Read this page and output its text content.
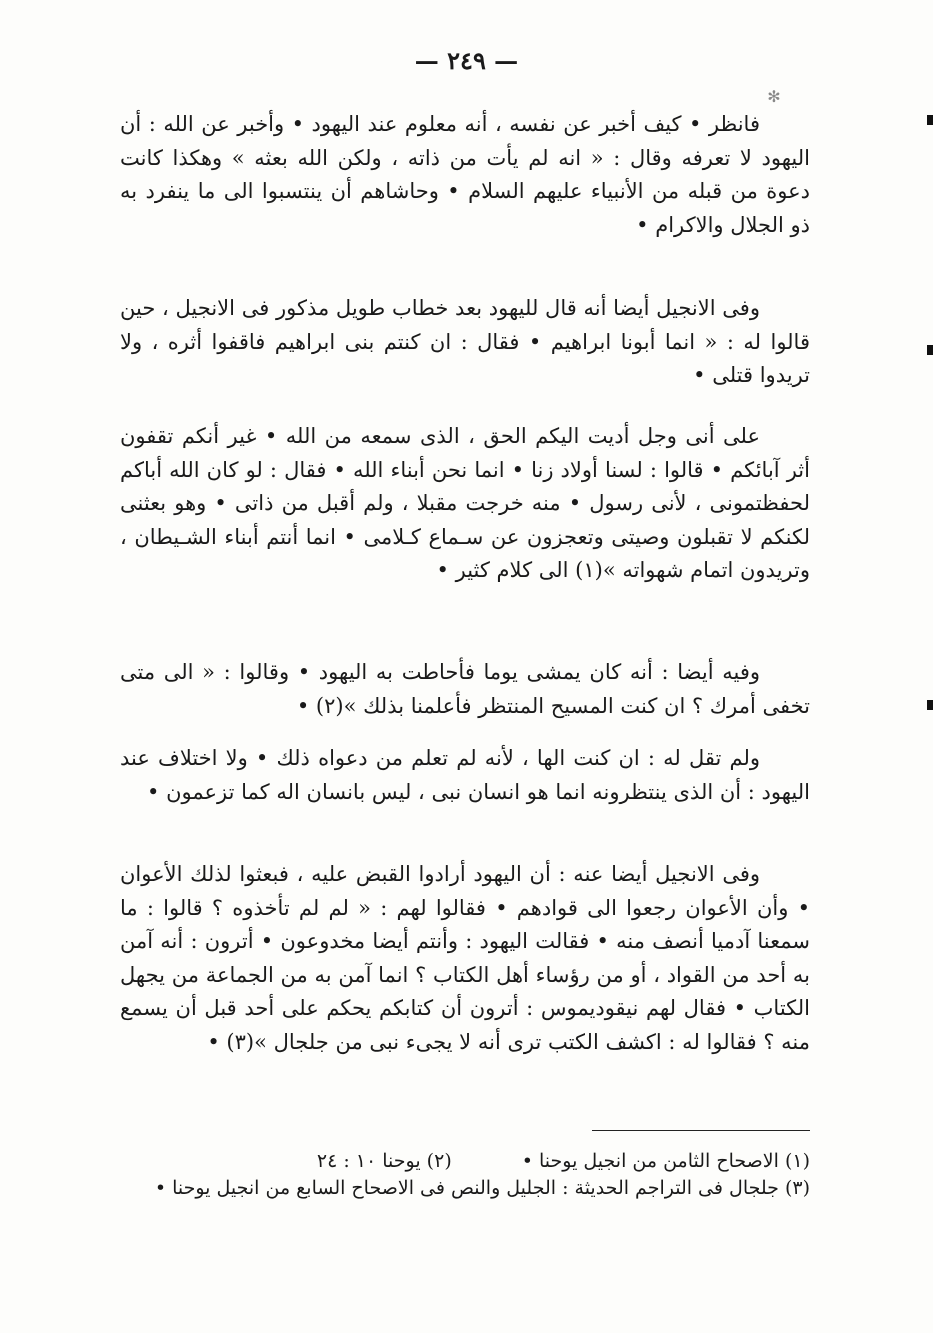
— ٢٤٩ —
✻

فانظر • كيف أخبر عن نفسه ، أنه معلوم عند اليهود • وأخبر عن الله : أن اليهود لا تعرفه وقال : « انه لم يأت من ذاته ، ولكن الله بعثه » وهكذا كانت دعوة من قبله من الأنبياء عليهم السلام • وحاشاهم أن ينتسبوا الى ما ينفرد به ذو الجلال والاكرام •

وفى الانجيل أيضا أنه قال لليهود بعد خطاب طويل مذكور فى الانجيل ، حين قالوا له : « انما أبونا ابراهيم • فقال : ان كنتم بنى ابراهيم فاقفوا أثره ، ولا تريدوا قتلى •

على أنى وجل أديت اليكم الحق ، الذى سمعه من الله • غير أنكم تقفون أثر آبائكم • قالوا : لسنا أولاد زنا • انما نحن أبناء الله • فقال : لو كان الله أباكم لحفظتمونى ، لأنى رسول • منه خرجت مقبلا ، ولم أقبل من ذاتى • وهو بعثنى لكنكم لا تقبلون وصيتى وتعجزون عن سـماع كـلامى • انما أنتم أبناء الشـيطان ، وتريدون اتمام شهواته »(١) الى كلام كثير •

وفيه أيضا : أنه كان يمشى يوما فأحاطت به اليهود • وقالوا : « الى متى تخفى أمرك ؟ ان كنت المسيح المنتظر فأعلمنا بذلك »(٢) •

ولم تقل له : ان كنت الها ، لأنه لم تعلم من دعواه ذلك • ولا اختلاف عند اليهود : أن الذى ينتظرونه انما هو انسان نبى ، ليس بانسان اله كما تزعمون •

وفى الانجيل أيضا عنه : أن اليهود أرادوا القبض عليه ، فبعثوا لذلك الأعوان • وأن الأعوان رجعوا الى قوادهم • فقالوا لهم : « لم لم تأخذوه ؟ قالوا : ما سمعنا آدميا أنصف منه • فقالت اليهود : وأنتم أيضا مخدوعون • أترون : أنه آمن به أحد من القواد ، أو من رؤساء أهل الكتاب ؟ انما آمن به من الجماعة من يجهل الكتاب • فقال لهم نيقوديموس : أترون أن كتابكم يحكم على أحد قبل أن يسمع منه ؟ فقالوا له : اكشف الكتب ترى أنه لا يجىء نبى من جلجال »(٣) •

(١) الاصحاح الثامن من انجيل يوحنا •
(٢) يوحنا ١٠ : ٢٤
(٣) جلجال فى التراجم الحديثة : الجليل والنص فى الاصحاح السابع من انجيل يوحنا •
